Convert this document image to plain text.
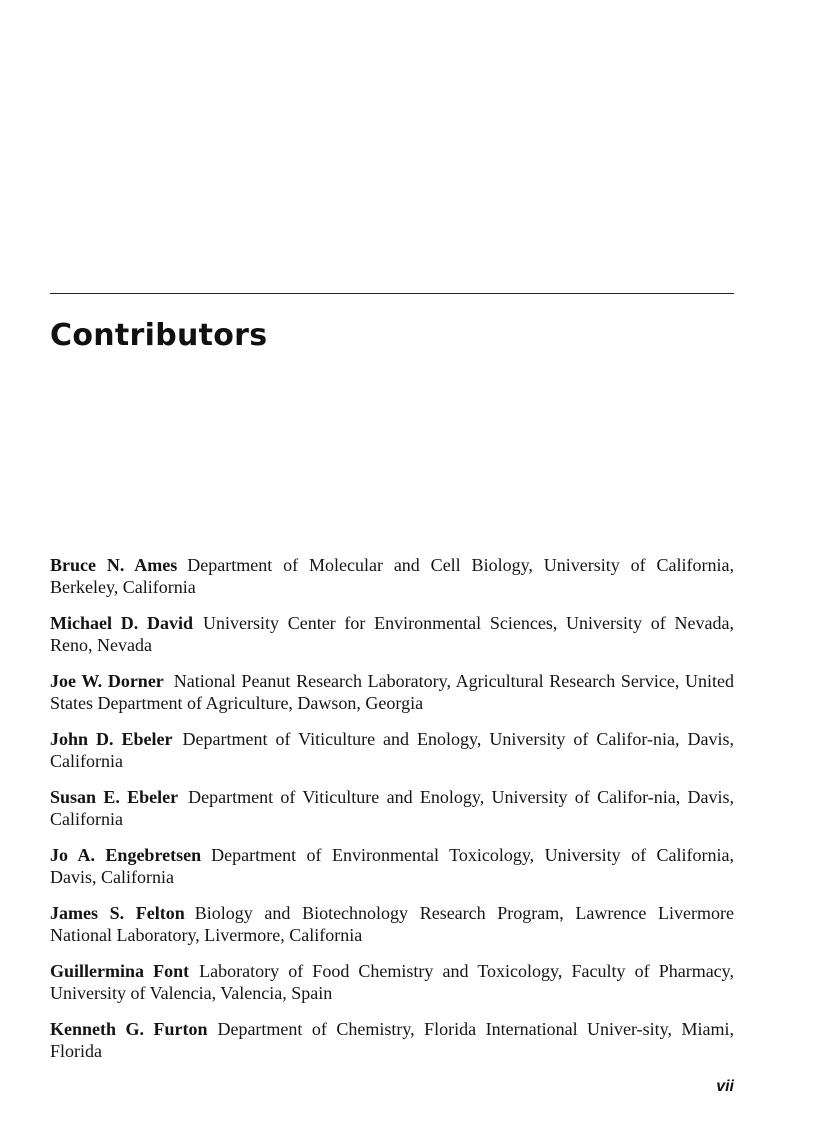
Contributors
Bruce N. Ames Department of Molecular and Cell Biology, University of California, Berkeley, California
Michael D. David University Center for Environmental Sciences, University of Nevada, Reno, Nevada
Joe W. Dorner National Peanut Research Laboratory, Agricultural Research Service, United States Department of Agriculture, Dawson, Georgia
John D. Ebeler Department of Viticulture and Enology, University of Califor-nia, Davis, California
Susan E. Ebeler Department of Viticulture and Enology, University of Califor-nia, Davis, California
Jo A. Engebretsen Department of Environmental Toxicology, University of California, Davis, California
James S. Felton Biology and Biotechnology Research Program, Lawrence Livermore National Laboratory, Livermore, California
Guillermina Font Laboratory of Food Chemistry and Toxicology, Faculty of Pharmacy, University of Valencia, Valencia, Spain
Kenneth G. Furton Department of Chemistry, Florida International Univer-sity, Miami, Florida
vii
